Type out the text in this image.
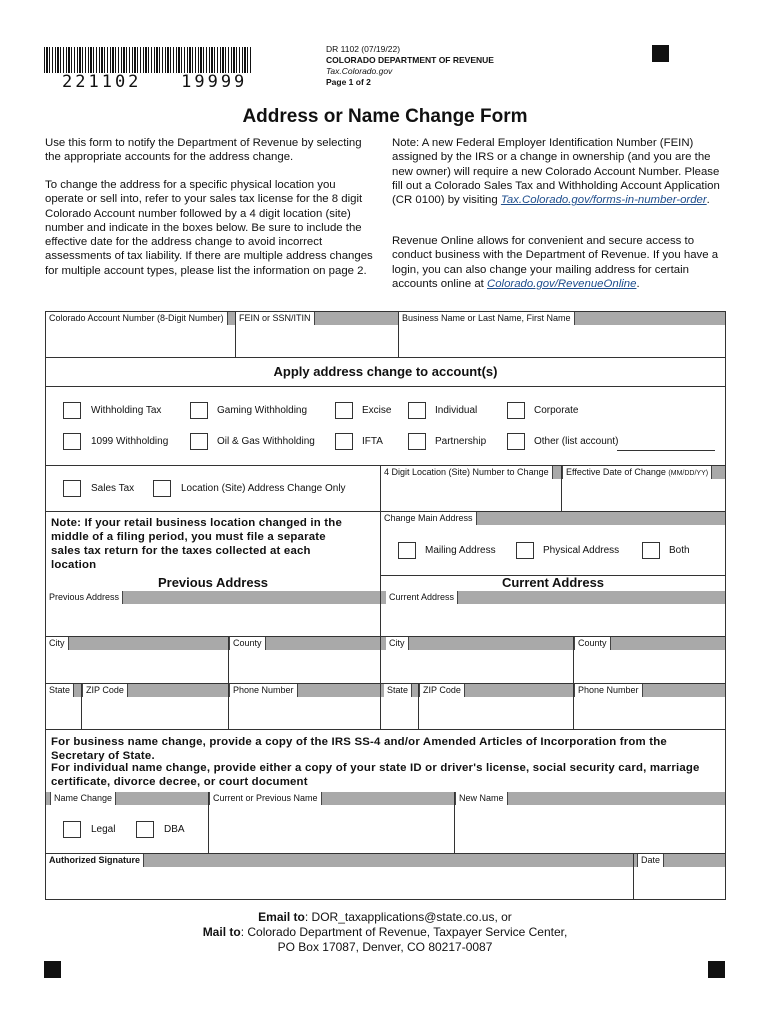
221102   19999
DR 1102 (07/19/22)
COLORADO DEPARTMENT OF REVENUE
Tax.Colorado.gov
Page 1 of 2
Address or Name Change Form
Use this form to notify the Department of Revenue by selecting the appropriate accounts for the address change.
To change the address for a specific physical location you operate or sell into, refer to your sales tax license for the 8 digit Colorado Account number followed by a 4 digit location (site) number and indicate in the boxes below. Be sure to include the effective date for the address change to avoid incorrect assessments of tax liability. If there are multiple address changes for multiple account types, please list the information on page 2.
Note: A new Federal Employer Identification Number (FEIN) assigned by the IRS or a change in ownership (and you are the new owner) will require a new Colorado Account Number. Please fill out a Colorado Sales Tax and Withholding Account Application (CR 0100) by visiting Tax.Colorado.gov/forms-in-number-order.
Revenue Online allows for convenient and secure access to conduct business with the Department of Revenue. If you have a login, you can also change your mailing address for certain accounts online at Colorado.gov/RevenueOnline.
Colorado Account Number (8-Digit Number)	FEIN or SSN/ITIN	Business Name or Last Name, First Name
Apply address change to account(s)
Withholding Tax	Gaming Withholding	Excise	Individual	Corporate
1099 Withholding	Oil & Gas Withholding	IFTA	Partnership	Other (list account)
Sales Tax	Location (Site) Address Change Only
4 Digit Location (Site) Number to Change	Effective Date of Change (MM/DD/YY)
Note: If your retail business location changed in the middle of a filing period, you must file a separate sales tax return for the taxes collected at each location
Change Main Address
Mailing Address	Physical Address	Both
Previous Address	Current Address
Previous Address
City	County
State	ZIP Code	Phone Number
Current Address
City	County
State	ZIP Code	Phone Number
For business name change, provide a copy of the IRS SS-4 and/or Amended Articles of Incorporation from the Secretary of State.
For individual name change, provide either a copy of your state ID or driver's license, social security card, marriage certificate, divorce decree, or court document
Name Change	Current or Previous Name	New Name
Legal	DBA
Authorized Signature	Date
Email to: DOR_taxapplications@state.co.us, or
Mail to: Colorado Department of Revenue, Taxpayer Service Center,
PO Box 17087, Denver, CO 80217-0087
